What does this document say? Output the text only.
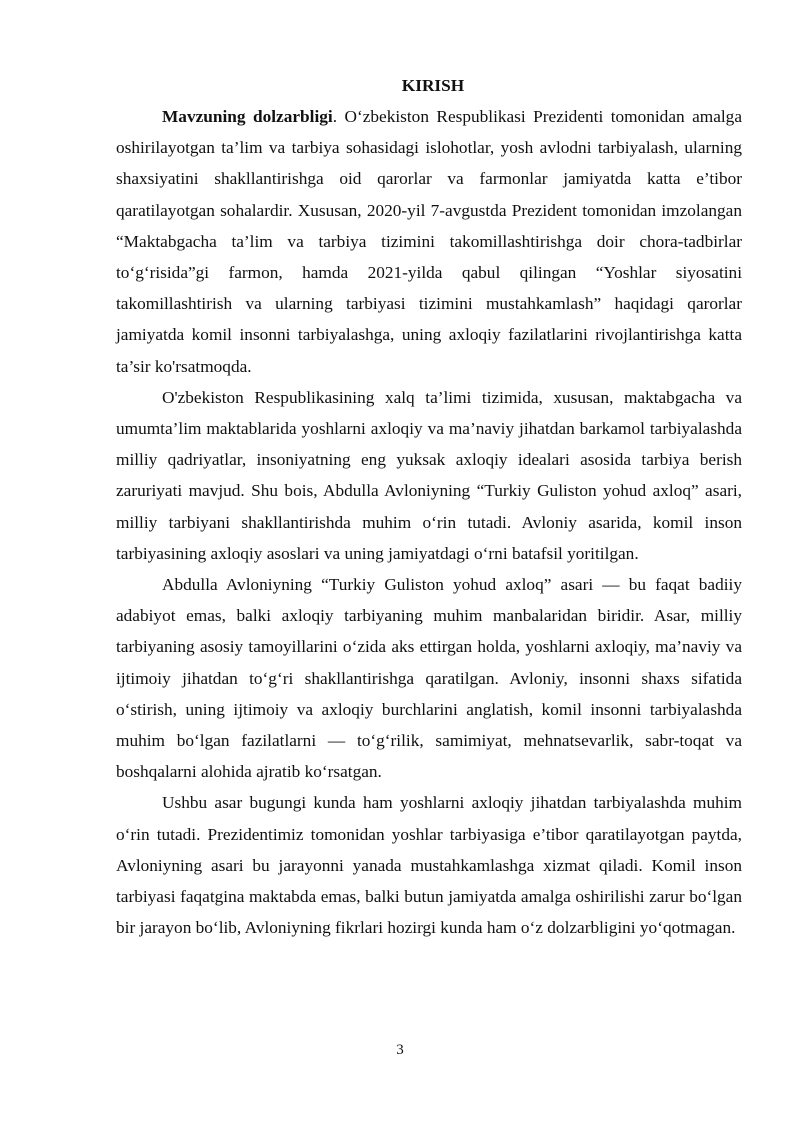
KIRISH

Mavzuning dolzarbligi. O‘zbekiston Respublikasi Prezidenti tomonidan amalga oshirilayotgan ta’lim va tarbiya sohasidagi islohotlar, yosh avlodni tarbiyalash, ularning shaxsiyatini shakllantirishga oid qarorlar va farmonlar jamiyatda katta e’tibor qaratilayotgan sohalardir. Xususan, 2020-yil 7-avgustda Prezident tomonidan imzolangan “Maktabgacha ta’lim va tarbiya tizimini takomillashtirishga doir chora-tadbirlar to‘g‘risida”gi farmon, hamda 2021-yilda qabul qilingan “Yoshlar siyosatini takomillashtirish va ularning tarbiyasi tizimini mustahkamlash” haqidagi qarorlar jamiyatda komil insonni tarbiyalashga, uning axloqiy fazilatlarini rivojlantirishga katta ta’sir ko'rsatmoqda.

O'zbekiston Respublikasining xalq ta’limi tizimida, xususan, maktabgacha va umumta’lim maktablarida yoshlarni axloqiy va ma’naviy jihatdan barkamol tarbiyalashda milliy qadriyatlar, insoniyatning eng yuksak axloqiy idealari asosida tarbiya berish zaruriyati mavjud. Shu bois, Abdulla Avloniyning “Turkiy Guliston yohud axloq” asari, milliy tarbiyani shakllantirishda muhim o‘rin tutadi. Avloniy asarida, komil inson tarbiyasining axloqiy asoslari va uning jamiyatdagi o‘rni batafsil yoritilgan.

Abdulla Avloniyning “Turkiy Guliston yohud axloq” asari — bu faqat badiiy adabiyot emas, balki axloqiy tarbiyaning muhim manbalaridan biridir. Asar, milliy tarbiyaning asosiy tamoyillarini o‘zida aks ettirgan holda, yoshlarni axloqiy, ma’naviy va ijtimoiy jihatdan to‘g‘ri shakllantirishga qaratilgan. Avloniy, insonni shaxs sifatida o‘stirish, uning ijtimoiy va axloqiy burchlarini anglatish, komil insonni tarbiyalashda muhim bo‘lgan fazilatlarni — to‘g‘rilik, samimiyat, mehnatsevarlik, sabr-toqat va boshqalarni alohida ajratib ko‘rsatgan.

Ushbu asar bugungi kunda ham yoshlarni axloqiy jihatdan tarbiyalashda muhim o‘rin tutadi. Prezidentimiz tomonidan yoshlar tarbiyasiga e’tibor qaratilayotgan paytda, Avloniyning asari bu jarayonni yanada mustahkamlashga xizmat qiladi. Komil inson tarbiyasi faqatgina maktabda emas, balki butun jamiyatda amalga oshirilishi zarur bo‘lgan bir jarayon bo‘lib, Avloniyning fikrlari hozirgi kunda ham o‘z dolzarbligini yo‘qotmagan.

3
